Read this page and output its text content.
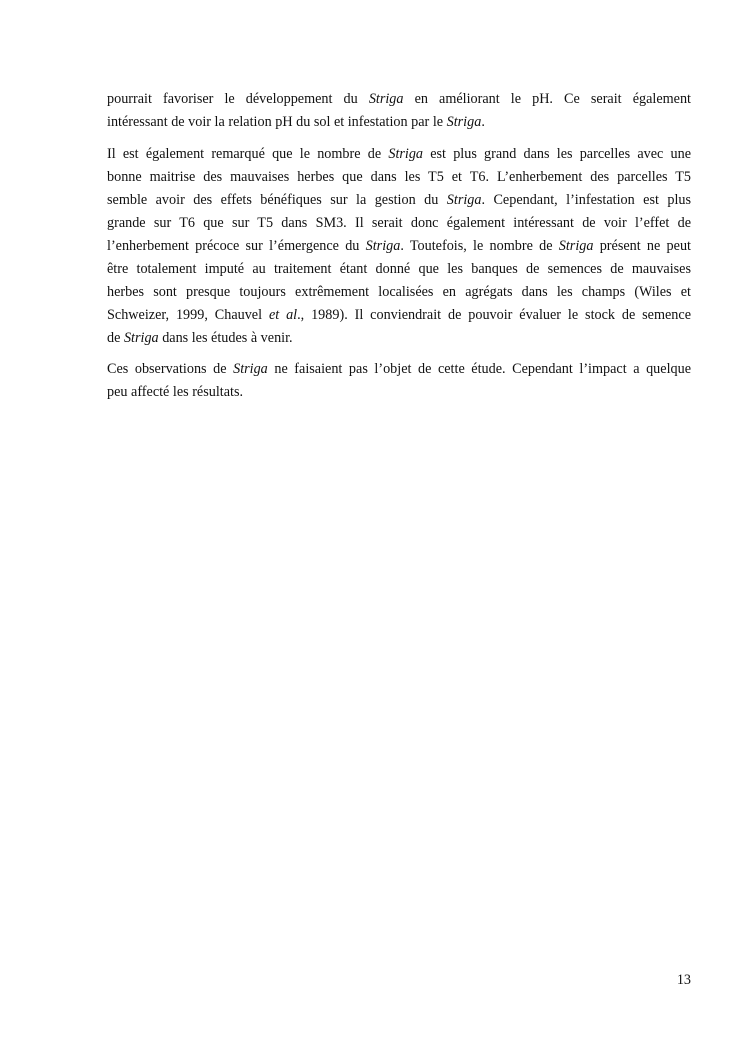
pourrait favoriser le développement du Striga en améliorant le pH. Ce serait également
intéressant de voir la relation pH du sol et infestation par le Striga.

Il est également remarqué que le nombre de Striga est plus grand dans les parcelles avec une
bonne maitrise des mauvaises herbes que dans les T5 et T6. L’enherbement des parcelles T5
semble avoir des effets bénéfiques sur la gestion du Striga. Cependant, l’infestation est plus
grande sur T6 que sur T5 dans SM3. Il serait donc également intéressant de voir l’effet de
l’enherbement précoce sur l’émergence du Striga. Toutefois, le nombre de Striga présent ne peut
être totalement imputé au traitement étant donné que les banques de semences de mauvaises
herbes sont presque toujours extrêmement localisées en agrégats dans les champs (Wiles et
Schweizer, 1999, Chauvel et al., 1989). Il conviendrait de pouvoir évaluer le stock de semence
de Striga dans les études à venir.

Ces observations de Striga ne faisaient pas l’objet de cette étude. Cependant l’impact a quelque
peu affecté les résultats.

13
